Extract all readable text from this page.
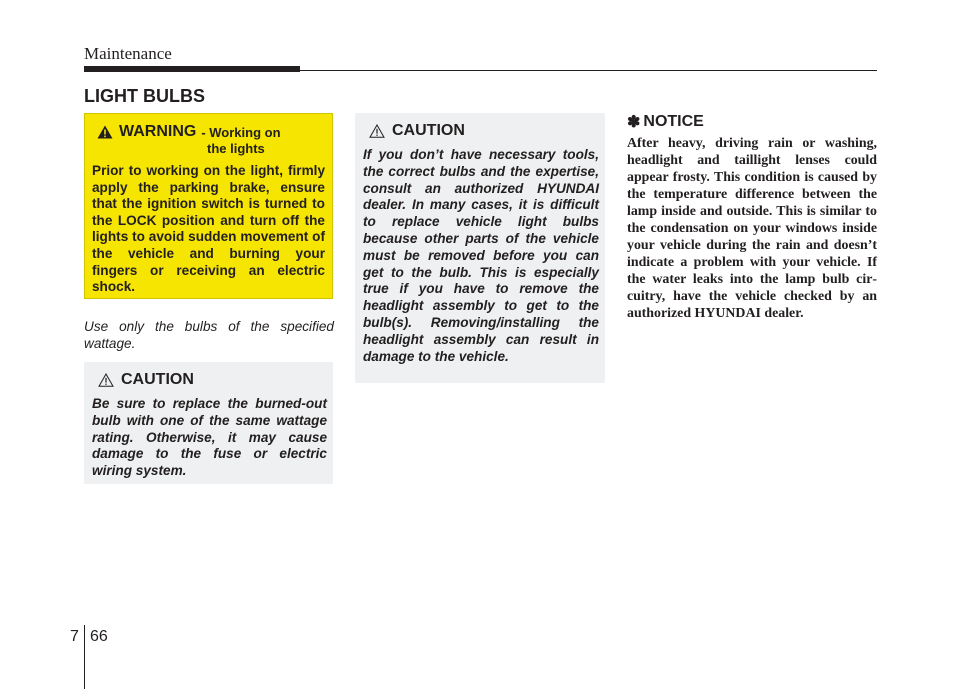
Maintenance
LIGHT BULBS
WARNING - Working on
the lights
Prior to working on the light, firmly apply the parking brake, ensure that the ignition switch is turned to the LOCK position and turn off the lights to avoid sudden movement of the vehicle and burning your fingers or receiving an electric shock.
Use only the bulbs of the specified wattage.
CAUTION
Be sure to replace the burned-out bulb with one of the same wattage rating. Otherwise, it may cause damage to the fuse or electric wiring system.
CAUTION
If you don’t have necessary tools, the correct bulbs and the expertise, consult an authorized HYUNDAI dealer. In many cases, it is difficult to replace vehicle light bulbs because other parts of the vehicle must be removed before you can get to the bulb. This is especially true if you have to remove the headlight assembly to get to the bulb(s). Removing/installing the headlight assembly can result in damage to the vehicle.
✽ NOTICE
After heavy, driving rain or washing, headlight and taillight lenses could appear frosty. This condition is caused by the temperature difference between the lamp inside and outside. This is similar to the condensation on your windows inside your vehicle during the rain and doesn’t indicate a problem with your vehicle. If the water leaks into the lamp bulb circuitry, have the vehicle checked by an authorized HYUNDAI dealer.
7 66
